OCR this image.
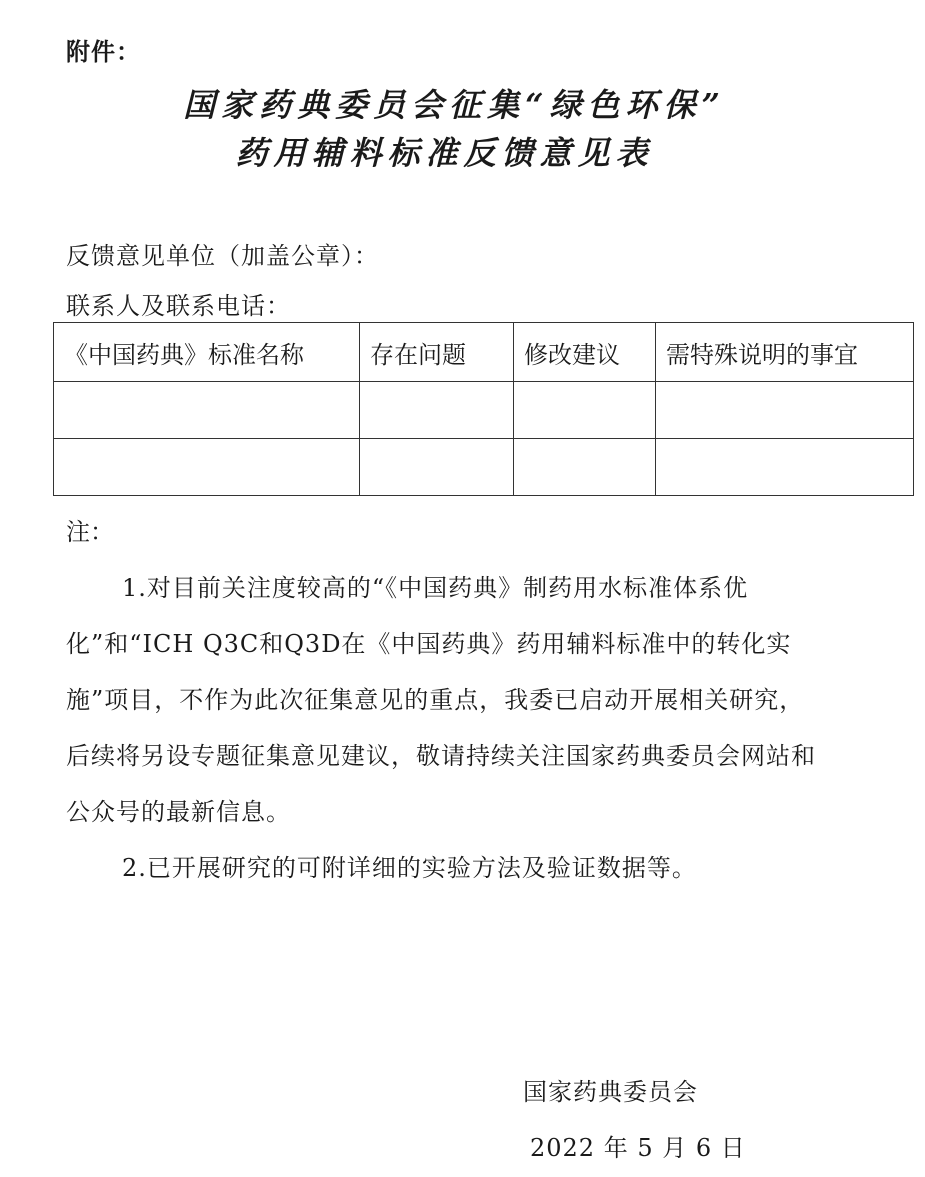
附件：
国家药典委员会征集“绿色环保”
药用辅料标准反馈意见表
反馈意见单位（加盖公章）：
联系人及联系电话：
《中国药典》标准名称	存在问题	修改建议	需特殊说明的事宜

注：

1.对目前关注度较高的“《中国药典》制药用水标准体系优化”和“ICH Q3C和Q3D在《中国药典》药用辅料标准中的转化实施”项目，不作为此次征集意见的重点，我委已启动开展相关研究，后续将另设专题征集意见建议，敬请持续关注国家药典委员会网站和公众号的最新信息。

2.已开展研究的可附详细的实验方法及验证数据等。

国家药典委员会
2022 年 5 月 6 日
